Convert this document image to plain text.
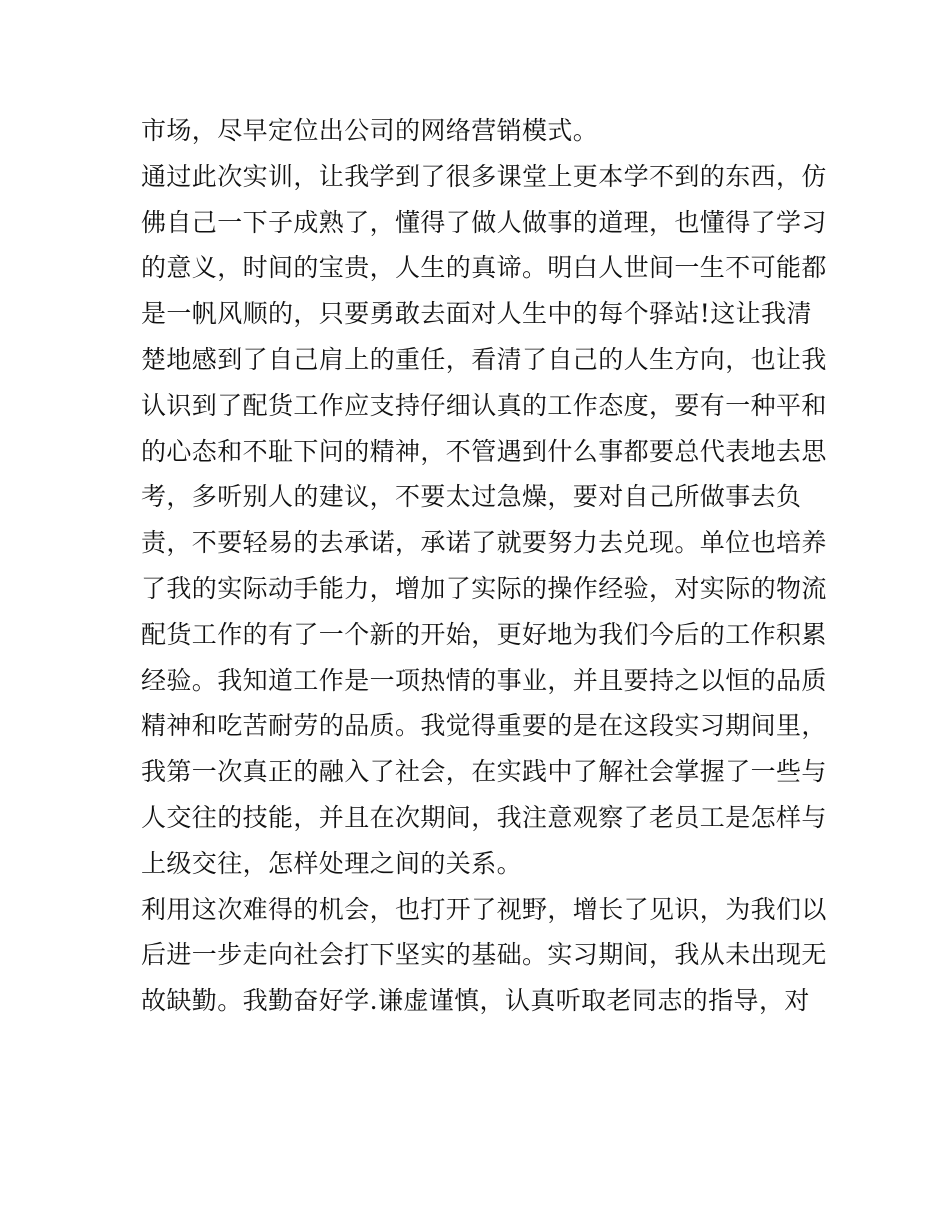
市场，尽早定位出公司的网络营销模式。
通过此次实训，让我学到了很多课堂上更本学不到的东西，仿
佛自己一下子成熟了，懂得了做人做事的道理，也懂得了学习
的意义，时间的宝贵，人生的真谛。明白人世间一生不可能都
是一帆风顺的，只要勇敢去面对人生中的每个驿站!这让我清
楚地感到了自己肩上的重任，看清了自己的人生方向，也让我
认识到了配货工作应支持仔细认真的工作态度，要有一种平和
的心态和不耻下问的精神，不管遇到什么事都要总代表地去思
考，多听别人的建议，不要太过急燥，要对自己所做事去负
责，不要轻易的去承诺，承诺了就要努力去兑现。单位也培养
了我的实际动手能力，增加了实际的操作经验，对实际的物流
配货工作的有了一个新的开始，更好地为我们今后的工作积累
经验。我知道工作是一项热情的事业，并且要持之以恒的品质
精神和吃苦耐劳的品质。我觉得重要的是在这段实习期间里，
我第一次真正的融入了社会，在实践中了解社会掌握了一些与
人交往的技能，并且在次期间，我注意观察了老员工是怎样与
上级交往，怎样处理之间的关系。
利用这次难得的机会，也打开了视野，增长了见识，为我们以
后进一步走向社会打下坚实的基础。实习期间，我从未出现无
故缺勤。我勤奋好学.谦虚谨慎，认真听取老同志的指导，对
